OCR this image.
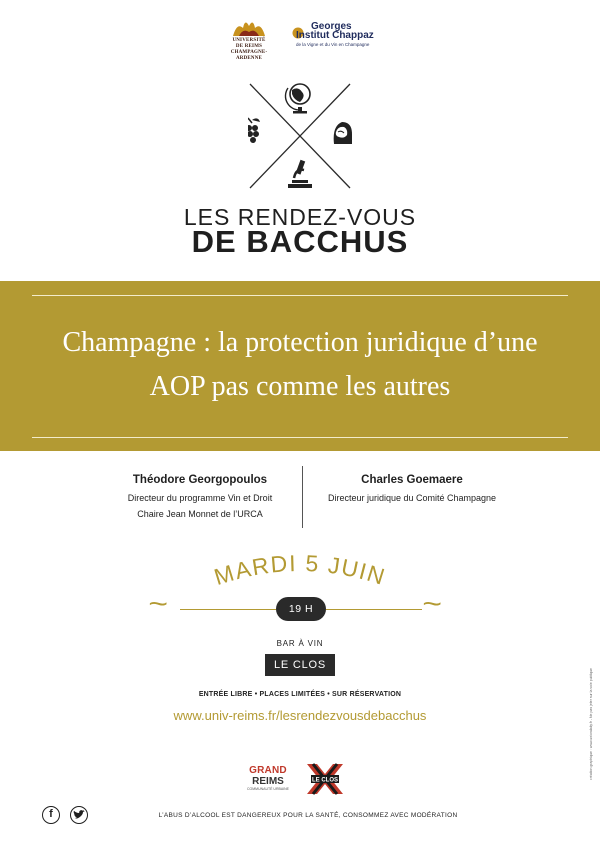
UNIVERSITÉ
DE REIMS
CHAMPAGNE-ARDENNE
Georges
Institut Chappaz
de la Vigne et du Vin en Champagne
LES RENDEZ-VOUS
DE BACCHUS
Champagne : la protection juridique d’une
AOP pas comme les autres
Théodore Georgopoulos
Directeur du programme Vin et Droit
Chaire Jean Monnet de l’URCA
Charles Goemaere
Directeur juridique du Comité Champagne
MARDI 5 JUIN
~	19 H	~
BAR À VIN
LE CLOS
ENTRÉE LIBRE • PLACES LIMITÉES • SUR RÉSERVATION
www.univ-reims.fr/lesrendezvousdebacchus
GRAND
REIMS
COMMUNAUTÉ URBAINE
LE CLOS
f	L’ABUS D’ALCOOL EST DANGEREUX POUR LA SANTÉ, CONSOMMEZ AVEC MODÉRATION
création graphique : www.uniondaily.fr - Ne pas jeter sur la voie publique
